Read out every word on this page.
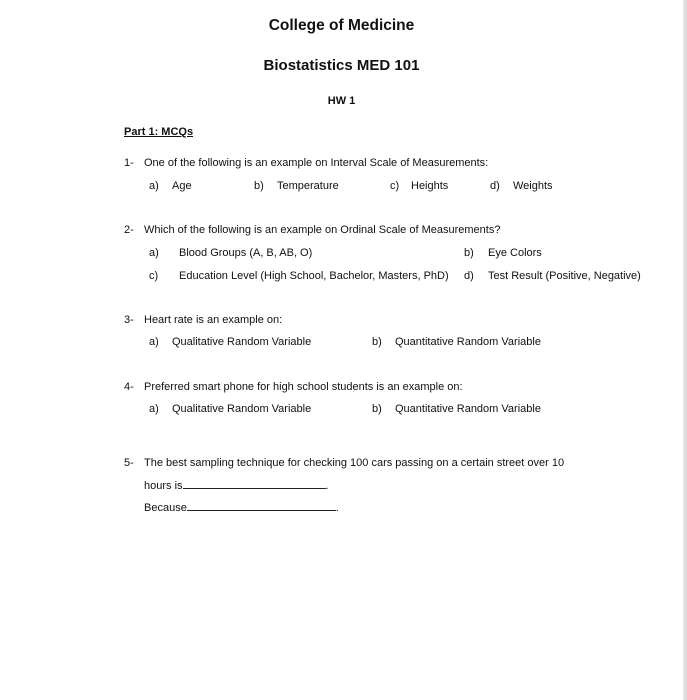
College of Medicine
Biostatistics MED 101
HW 1
Part 1: MCQs
1- One of the following is an example on Interval Scale of Measurements:
a) Age	b) Temperature	c) Heights	d) Weights
2- Which of the following is an example on Ordinal Scale of Measurements?
a) Blood Groups (A, B, AB, O)	b) Eye Colors
c) Education Level (High School, Bachelor, Masters, PhD) d) Test Result (Positive, Negative)
3- Heart rate is an example on:
a) Qualitative Random Variable	b) Quantitative Random Variable
4- Preferred smart phone for high school students is an example on:
a) Qualitative Random Variable	b) Quantitative Random Variable
5- The best sampling technique for checking 100 cars passing on a certain street over 10
hours is	.
Because	.
